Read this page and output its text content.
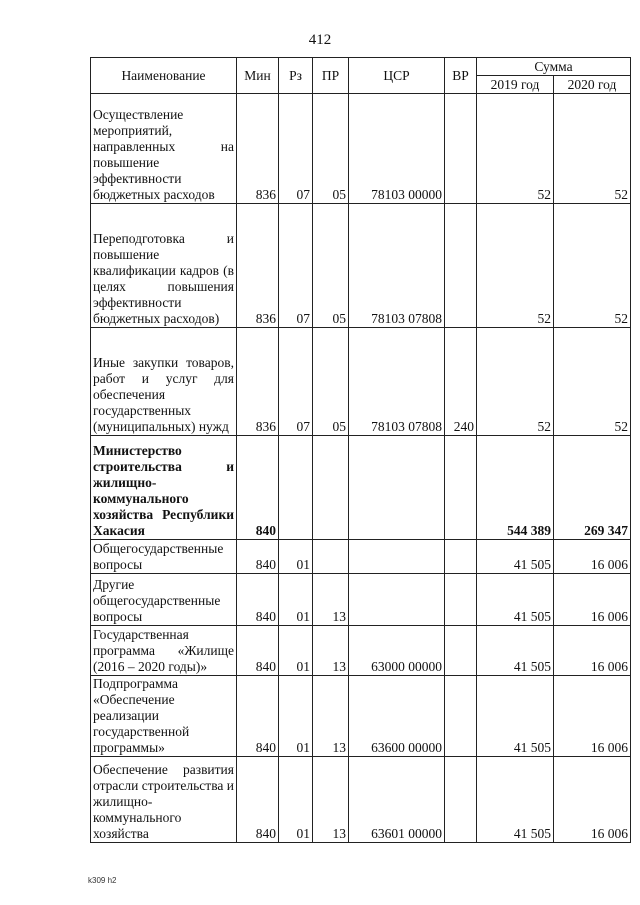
412
Наименование	Мин	Рз	ПР	ЦСР	ВР	Сумма	
						2019 год	2020 год
Осуществление мероприятий, направленных на повышение эффективности бюджетных расходов	836	07	05	78103 00000		52	52
Переподготовка и повышение квалификации кадров (в целях повышения эффективности бюджетных расходов)	836	07	05	78103 07808		52	52
Иные закупки товаров, работ и услуг для обеспечения государственных (муниципальных) нужд	836	07	05	78103 07808	240	52	52
Министерство строительства и жилищно-коммунального хозяйства Республики Хакасия	840					544 389	269 347
Общегосударственные вопросы	840	01				41 505	16 006
Другие общегосударственные вопросы	840	01	13			41 505	16 006
Государственная программа «Жилище (2016 – 2020 годы)»	840	01	13	63000 00000		41 505	16 006
Подпрограмма «Обеспечение реализации государственной программы»	840	01	13	63600 00000		41 505	16 006
Обеспечение развития отрасли строительства и жилищно-коммунального хозяйства	840	01	13	63601 00000		41 505	16 006
k309 h2
